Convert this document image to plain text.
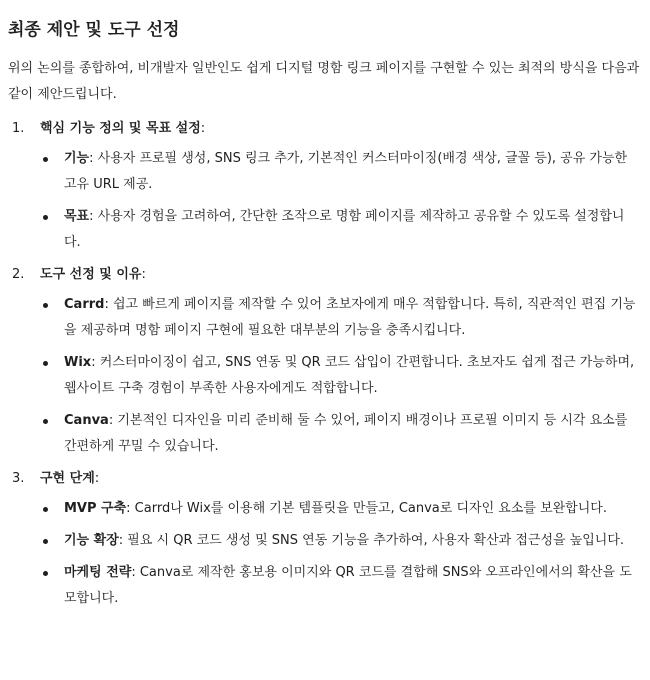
최종 제안 및 도구 선정

위의 논의를 종합하여, 비개발자 일반인도 쉽게 디지털 명함 링크 페이지를 구현할 수 있는 최적의 방식을 다음과 같이 제안드립니다.

1.	핵심 기능 정의 및 목표 설정:
기능: 사용자 프로필 생성, SNS 링크 추가, 기본적인 커스터마이징(배경 색상, 글꼴 등), 공유 가능한 고유 URL 제공.
목표: 사용자 경험을 고려하여, 간단한 조작으로 명함 페이지를 제작하고 공유할 수 있도록 설정합니다.
2.	도구 선정 및 이유:
Carrd: 쉽고 빠르게 페이지를 제작할 수 있어 초보자에게 매우 적합합니다. 특히, 직관적인 편집 기능을 제공하며 명함 페이지 구현에 필요한 대부분의 기능을 충족시킵니다.
Wix: 커스터마이징이 쉽고, SNS 연동 및 QR 코드 삽입이 간편합니다. 초보자도 쉽게 접근 가능하며, 웹사이트 구축 경험이 부족한 사용자에게도 적합합니다.
Canva: 기본적인 디자인을 미리 준비해 둘 수 있어, 페이지 배경이나 프로필 이미지 등 시각 요소를 간편하게 꾸밀 수 있습니다.
3.	구현 단계:
MVP 구축: Carrd나 Wix를 이용해 기본 템플릿을 만들고, Canva로 디자인 요소를 보완합니다.
기능 확장: 필요 시 QR 코드 생성 및 SNS 연동 기능을 추가하여, 사용자 확산과 접근성을 높입니다.
마케팅 전략: Canva로 제작한 홍보용 이미지와 QR 코드를 결합해 SNS와 오프라인에서의 확산을 도모합니다.
